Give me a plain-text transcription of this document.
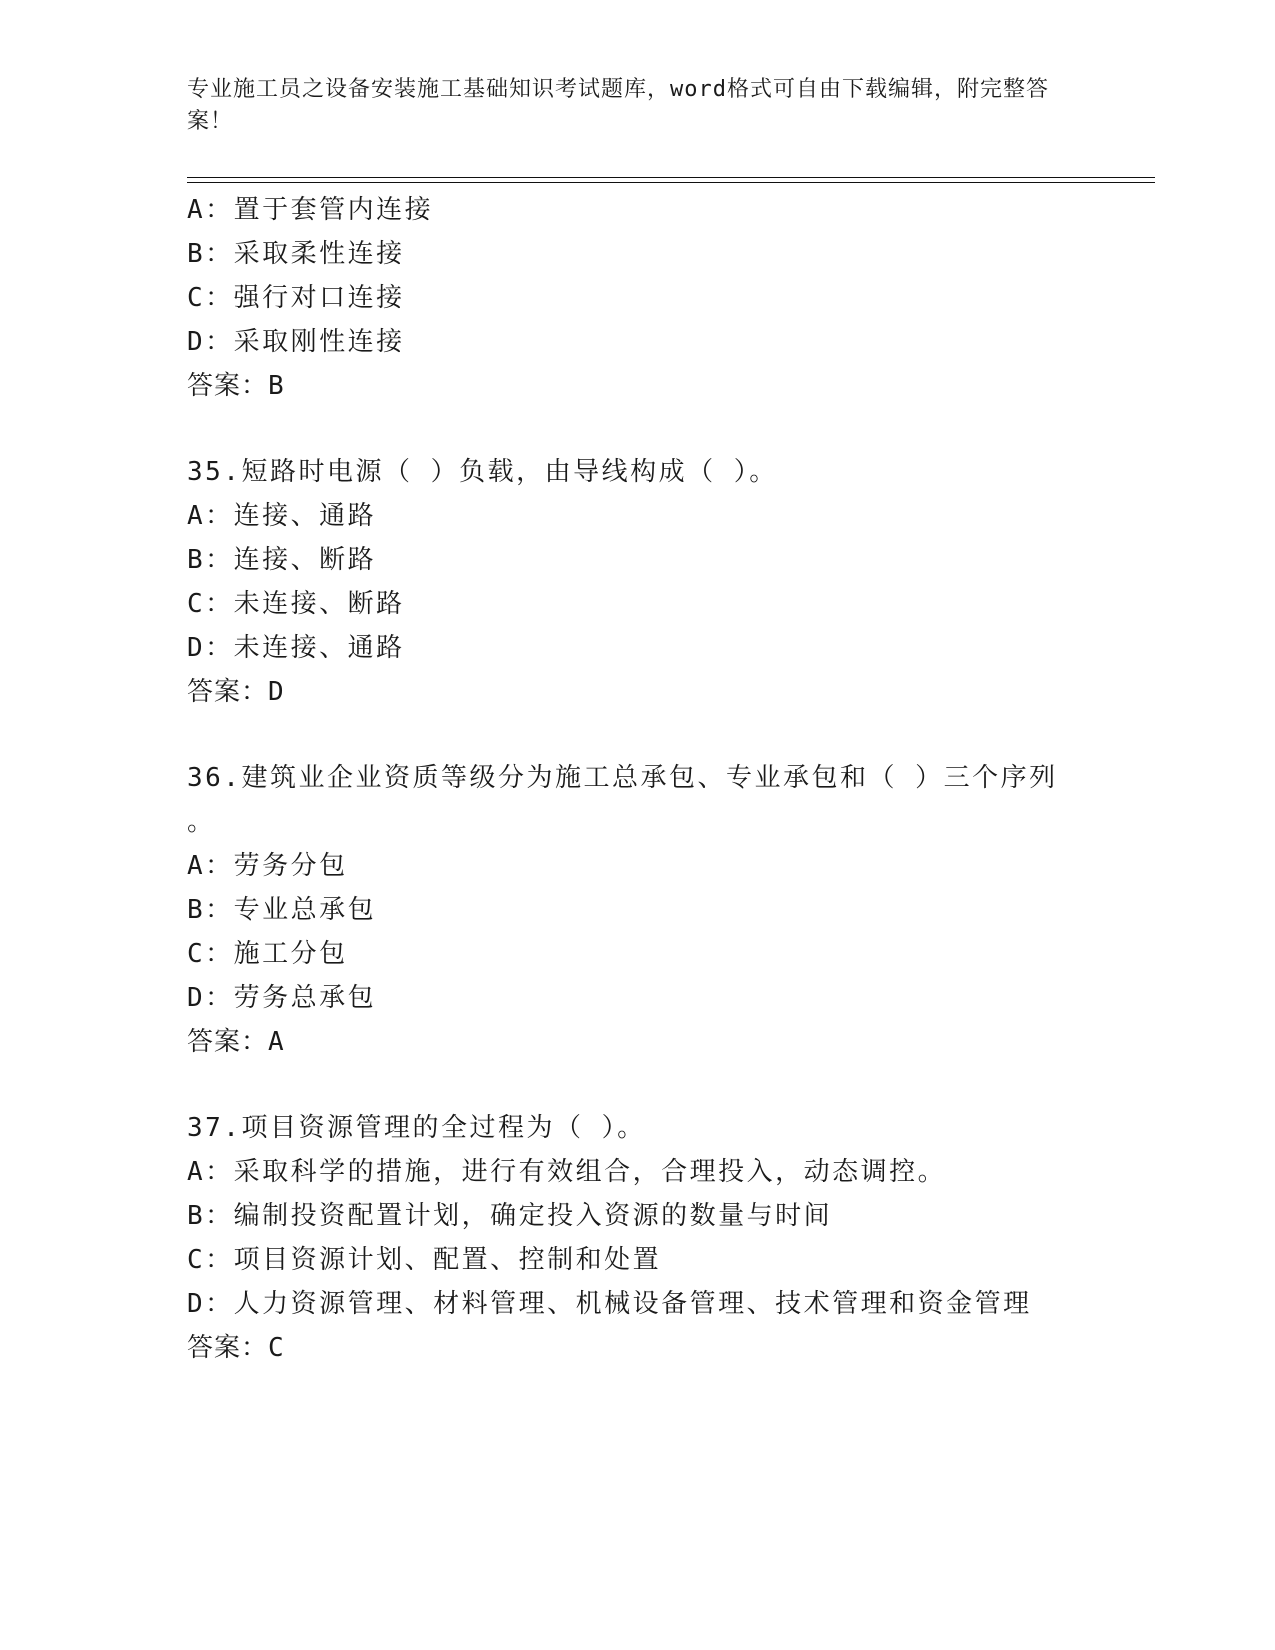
专业施工员之设备安装施工基础知识考试题库，word格式可自由下载编辑，附完整答案！

A：置于套管内连接

B：采取柔性连接

C：强行对口连接

D：采取刚性连接

答案：B

35.短路时电源（ ）负载，由导线构成（ ）。

A：连接、通路

B：连接、断路

C：未连接、断路

D：未连接、通路

答案：D

36.建筑业企业资质等级分为施工总承包、专业承包和（ ）三个序列

。

A：劳务分包

B：专业总承包

C：施工分包

D：劳务总承包

答案：A

37.项目资源管理的全过程为（ ）。

A：采取科学的措施，进行有效组合，合理投入，动态调控。

B：编制投资配置计划，确定投入资源的数量与时间

C：项目资源计划、配置、控制和处置

D：人力资源管理、材料管理、机械设备管理、技术管理和资金管理

答案：C
